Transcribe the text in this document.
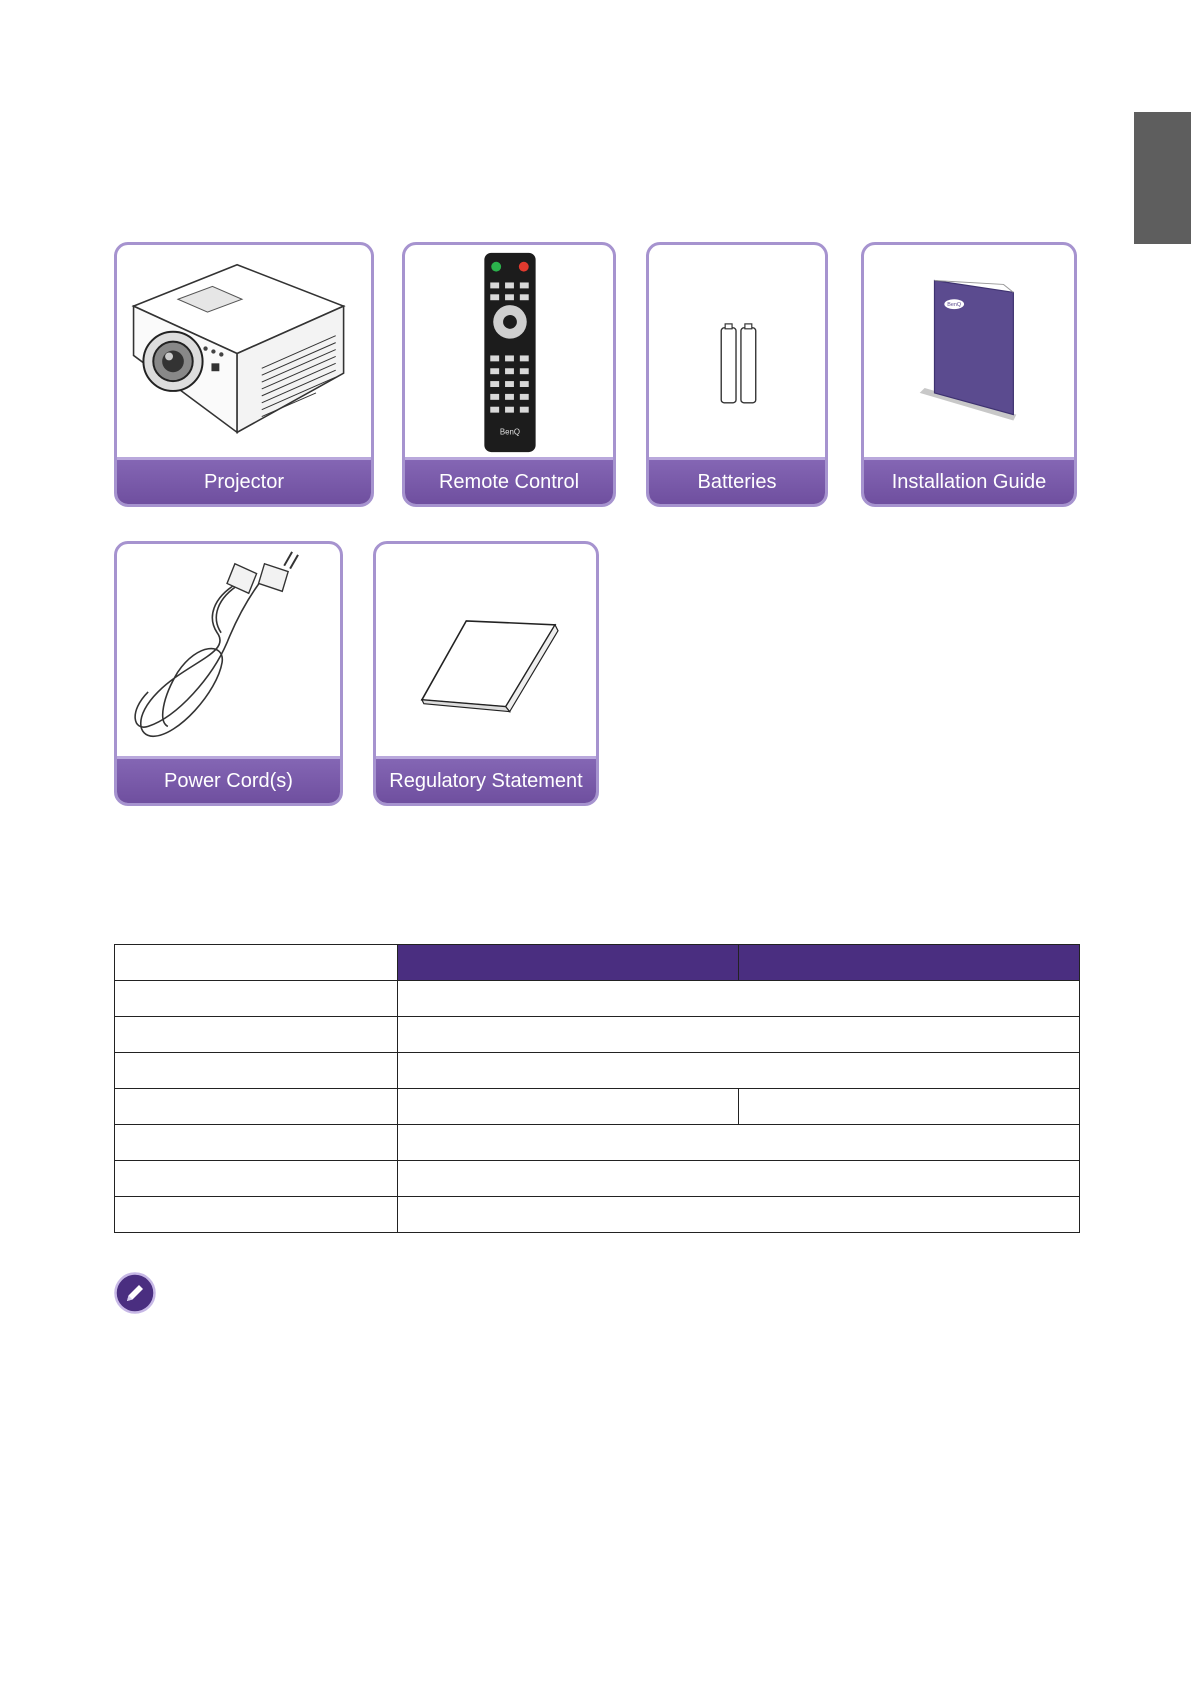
Projector
BenQ
Remote Control	Batteries
BenQ
Installation Guide
Power Cord(s)	Regulatory Statement
